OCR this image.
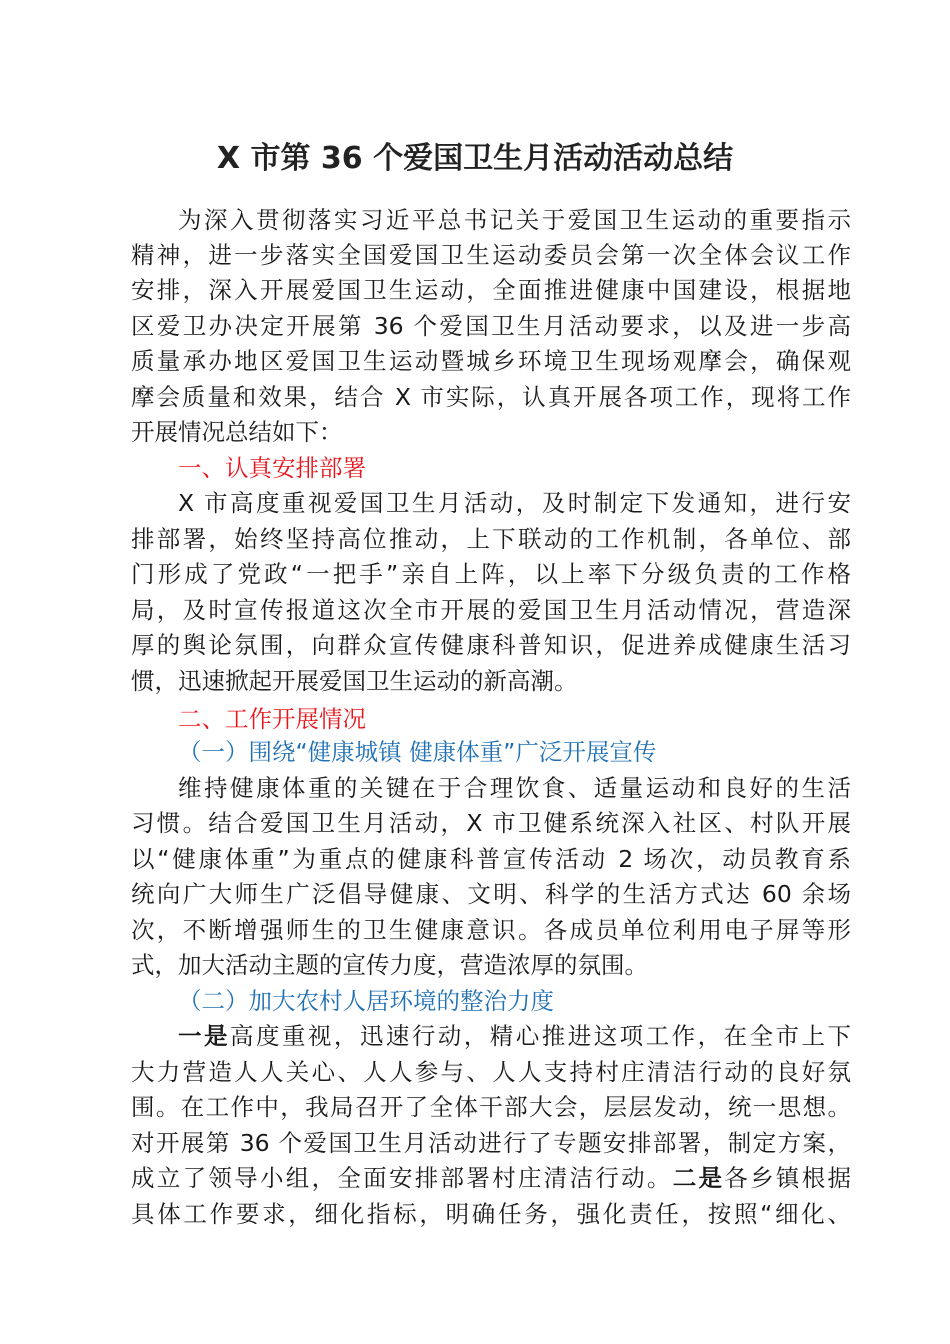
X 市第 36 个爱国卫生月活动活动总结
为深入贯彻落实习近平总书记关于爱国卫生运动的重要指示
精神，进一步落实全国爱国卫生运动委员会第一次全体会议工作
安排，深入开展爱国卫生运动，全面推进健康中国建设，根据地
区爱卫办决定开展第 36 个爱国卫生月活动要求，以及进一步高
质量承办地区爱国卫生运动暨城乡环境卫生现场观摩会，确保观
摩会质量和效果，结合 X 市实际，认真开展各项工作，现将工作
开展情况总结如下：
一、认真安排部署
X 市高度重视爱国卫生月活动，及时制定下发通知，进行安
排部署，始终坚持高位推动，上下联动的工作机制，各单位、部
门形成了党政“一把手”亲自上阵，以上率下分级负责的工作格
局，及时宣传报道这次全市开展的爱国卫生月活动情况，营造深
厚的舆论氛围，向群众宣传健康科普知识，促进养成健康生活习
惯，迅速掀起开展爱国卫生运动的新高潮。
二、工作开展情况
（一）围绕“健康城镇 健康体重”广泛开展宣传
维持健康体重的关键在于合理饮食、适量运动和良好的生活
习惯。结合爱国卫生月活动，X 市卫健系统深入社区、村队开展
以“健康体重”为重点的健康科普宣传活动 2 场次，动员教育系
统向广大师生广泛倡导健康、文明、科学的生活方式达 60 余场
次，不断增强师生的卫生健康意识。各成员单位利用电子屏等形
式，加大活动主题的宣传力度，营造浓厚的氛围。
（二）加大农村人居环境的整治力度
一是高度重视，迅速行动，精心推进这项工作，在全市上下
大力营造人人关心、人人参与、人人支持村庄清洁行动的良好氛
围。在工作中，我局召开了全体干部大会，层层发动，统一思想。
对开展第 36 个爱国卫生月活动进行了专题安排部署，制定方案，
成立了领导小组，全面安排部署村庄清洁行动。二是各乡镇根据
具体工作要求，细化指标，明确任务，强化责任，按照“细化、
